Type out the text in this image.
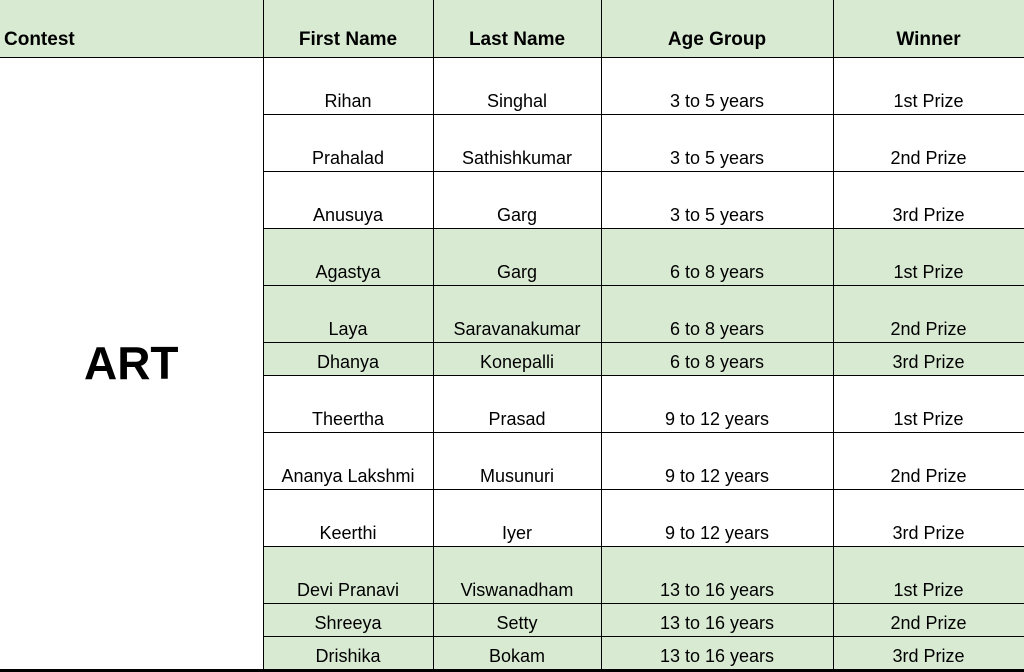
Contest	First Name	Last Name	Age Group	Winner
ART	Rihan	Singhal	3 to 5 years	1st Prize
	Prahalad	Sathishkumar	3 to 5 years	2nd Prize
	Anusuya	Garg	3 to 5 years	3rd Prize
	Agastya	Garg	6 to 8 years	1st Prize
	Laya	Saravanakumar	6 to 8 years	2nd Prize
	Dhanya	Konepalli	6 to 8 years	3rd Prize
	Theertha	Prasad	9 to 12 years	1st Prize
	Ananya Lakshmi	Musunuri	9 to 12 years	2nd Prize
	Keerthi	Iyer	9 to 12 years	3rd Prize
	Devi Pranavi	Viswanadham	13 to 16 years	1st Prize
	Shreeya	Setty	13 to 16 years	2nd Prize
	Drishika	Bokam	13 to 16 years	3rd Prize
